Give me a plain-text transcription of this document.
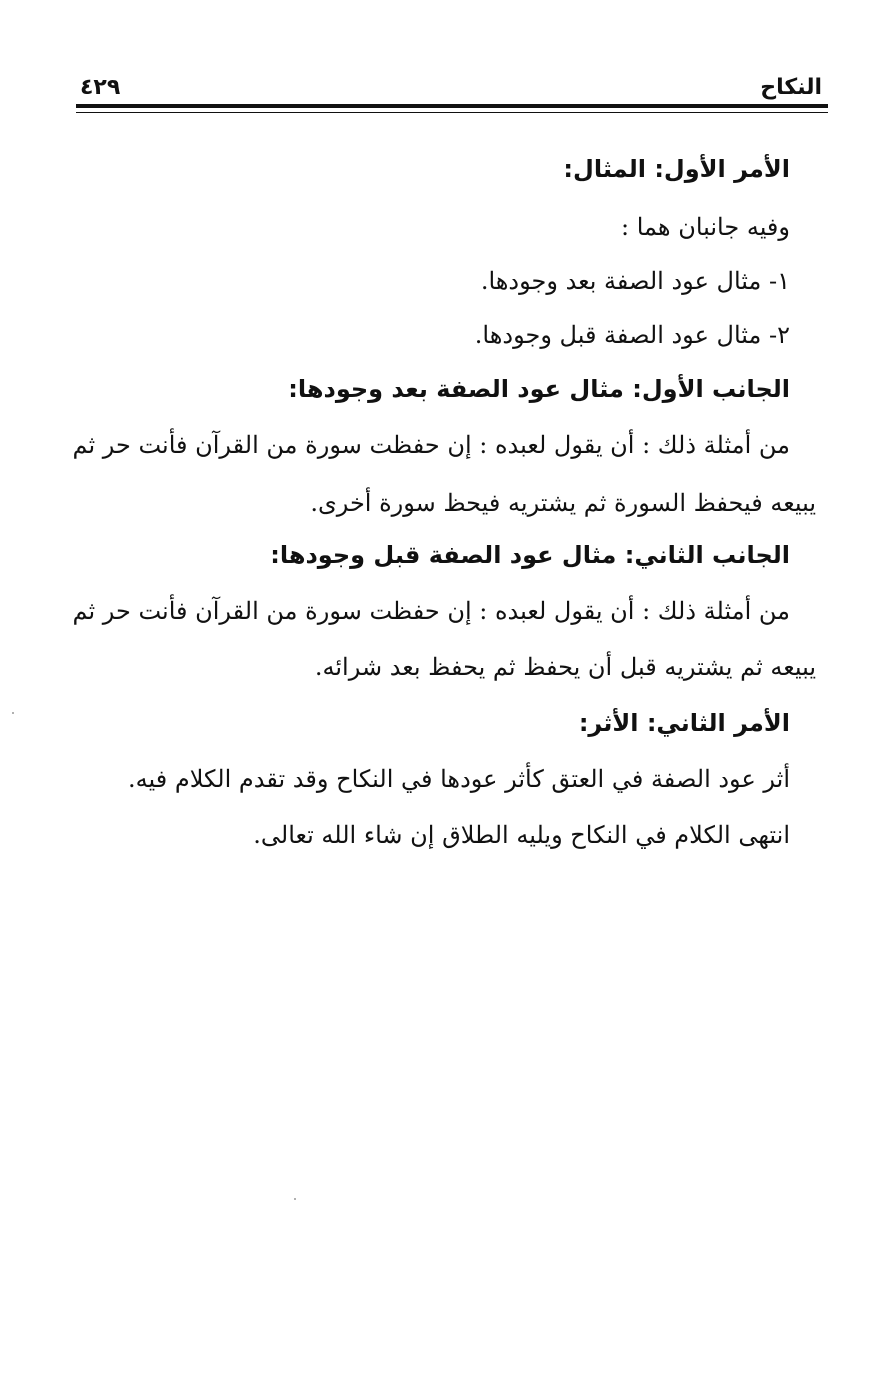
النكاح
٤٢٩
الأمر الأول: المثال:
وفيه جانبان هما :
١- مثال عود الصفة بعد وجودها.
٢- مثال عود الصفة قبل وجودها.
الجانب الأول: مثال عود الصفة بعد وجودها:
من أمثلة ذلك : أن يقول لعبده : إن حفظت سورة من القرآن فأنت حر ثم
يبيعه فيحفظ السورة ثم يشتريه فيحظ سورة أخرى.
الجانب الثاني: مثال عود الصفة قبل وجودها:
من أمثلة ذلك : أن يقول لعبده : إن حفظت سورة من القرآن فأنت حر ثم
يبيعه ثم يشتريه قبل أن يحفظ ثم يحفظ بعد شرائه.
الأمر الثاني: الأثر:
أثر عود الصفة في العتق كأثر عودها في النكاح وقد تقدم الكلام فيه.
انتهى الكلام في النكاح ويليه الطلاق إن شاء الله تعالى.
